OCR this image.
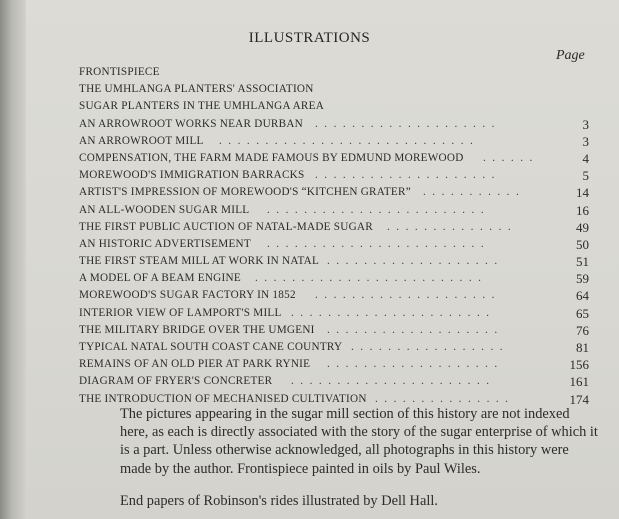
ILLUSTRATIONS
Page
FRONTISPIECE
THE UMHLANGA PLANTERS' ASSOCIATION
SUGAR PLANTERS IN THE UMHLANGA AREA
AN ARROWROOT WORKS NEAR DURBAN ....................	3
AN ARROWROOT MILL ............................	3
COMPENSATION, THE FARM MADE FAMOUS BY EDMUND MOREWOOD ......	4
MOREWOOD'S IMMIGRATION BARRACKS ....................	5
ARTIST'S IMPRESSION OF MOREWOOD'S “KITCHEN GRATER” ...........	14
AN ALL-WOODEN SUGAR MILL ........................	16
THE FIRST PUBLIC AUCTION OF NATAL-MADE SUGAR ..............	49
AN HISTORIC ADVERTISEMENT ........................	50
THE FIRST STEAM MILL AT WORK IN NATAL ...................	51
A MODEL OF A BEAM ENGINE .........................	59
MOREWOOD'S SUGAR FACTORY IN 1852 ....................	64
INTERIOR VIEW OF LAMPORT'S MILL ......................	65
THE MILITARY BRIDGE OVER THE UMGENI ...................	76
TYPICAL NATAL SOUTH COAST CANE COUNTRY .................	81
REMAINS OF AN OLD PIER AT PARK RYNIE ...................	156
DIAGRAM OF FRYER'S CONCRETER ......................	161
THE INTRODUCTION OF MECHANISED CULTIVATION ...............	174

The pictures appearing in the sugar mill section of this history are not indexed here, as each is directly associated with the story of the sugar enterprise of which it is a part. Unless otherwise acknowledged, all photographs in this history were made by the author. Frontispiece painted in oils by Paul Wiles.

End papers of Robinson's rides illustrated by Dell Hall.
